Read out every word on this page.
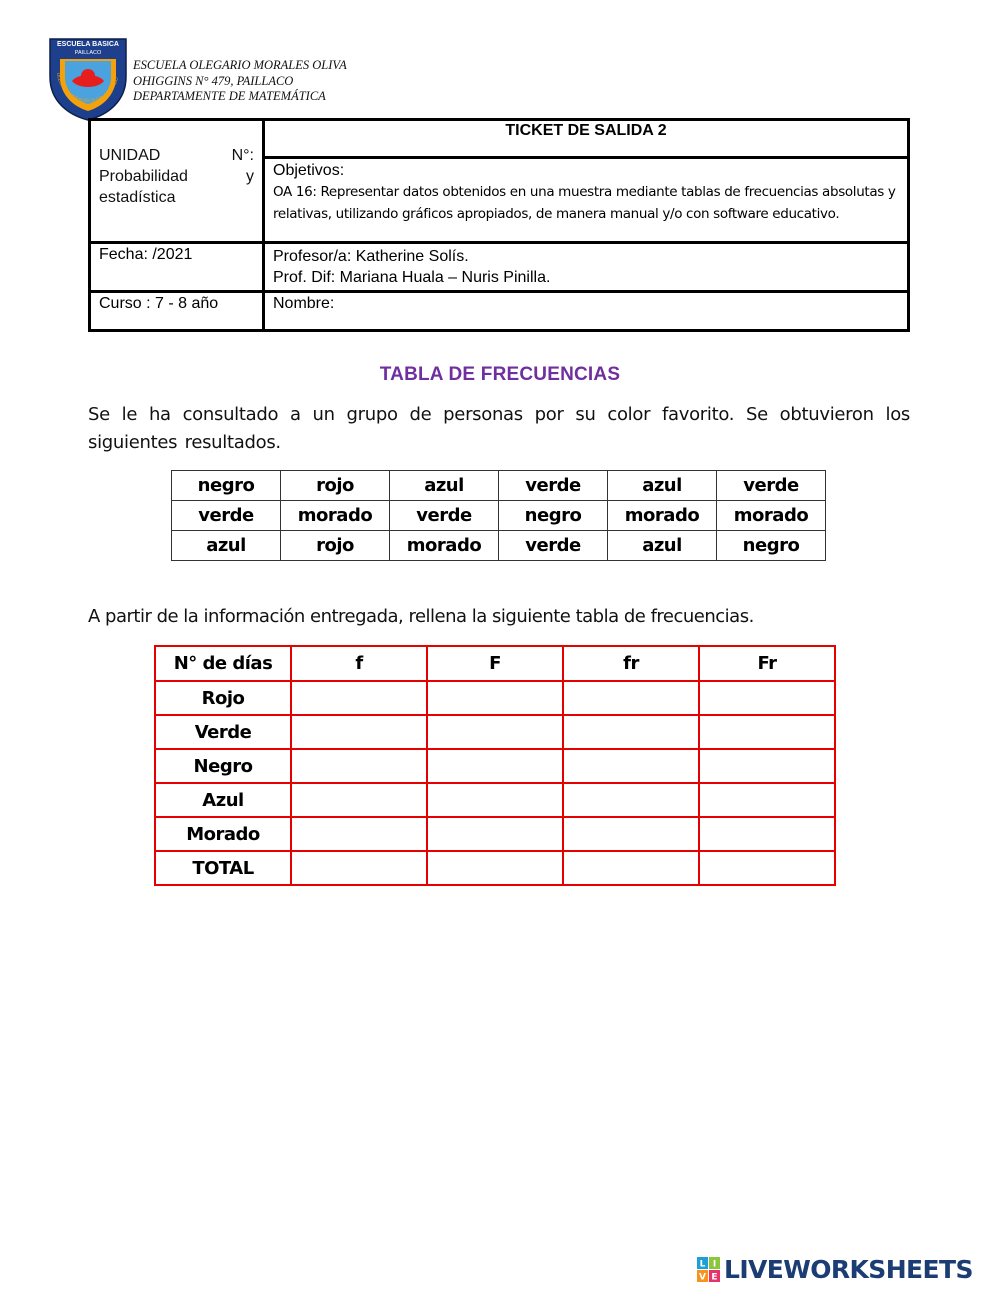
ESCUELA BASICA
PAILLACO
OLEGARIO MORALES OLIVA - PAILLACO
ESCUELA OLEGARIO MORALES OLIVA
OHIGGINS N° 479, PAILLACO
DEPARTAMENTE DE MATEMÁTICA
UNIDAD N°:
Probabilidad y
estadística	TICKET DE SALIDA 2

	Objetivos:
OA 16: Representar datos obtenidos en una muestra mediante tablas de frecuencias absolutas y relativas, utilizando gráficos apropiados, de manera manual y/o con software educativo.

Fecha: /2021	Profesor/a: Katherine Solís.
Prof. Dif: Mariana Huala – Nuris Pinilla.

Curso : 7 - 8 año	Nombre:
TABLA DE FRECUENCIAS
Se le ha consultado a un grupo de personas por su color favorito. Se obtuvieron los siguientes resultados.
negro	rojo	azul	verde	azul	verde
verde	morado	verde	negro	morado	morado
azul	rojo	morado	verde	azul	negro
A partir de la información entregada, rellena la siguiente tabla de frecuencias.
N° de días	f	F	fr	Fr
Rojo				
Verde				
Negro				
Azul				
Morado				
TOTAL				
L I
V E LIVEWORKSHEETS
